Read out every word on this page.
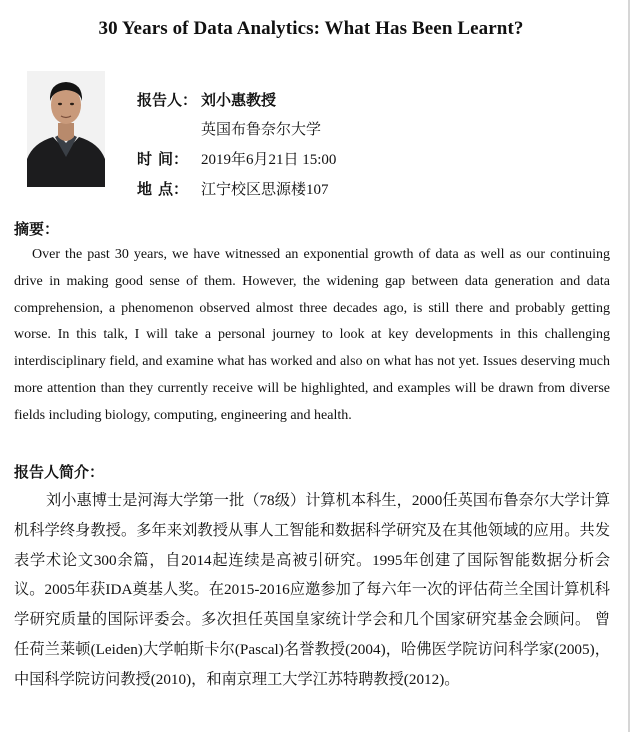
30 Years of Data Analytics: What Has Been Learnt?
报告人： 刘小惠教授
英国布鲁奈尔大学
时间： 2019年6月21日 15:00
地点： 江宁校区思源楼107
摘要：

Over the past 30 years, we have witnessed an exponential growth of data as well as our continuing drive in making good sense of them. However, the widening gap between data generation and data comprehension, a phenomenon observed almost three decades ago, is still there and probably getting worse. In this talk, I will take a personal journey to look at key developments in this challenging interdisciplinary field, and examine what has worked and also on what has not yet. Issues deserving much more attention than they currently receive will be highlighted, and examples will be drawn from diverse fields including biology, computing, engineering and health.

报告人简介：

刘小惠博士是河海大学第一批（78级）计算机本科生，2000任英国布鲁奈尔大学计算机科学终身教授。多年来刘教授从事人工智能和数据科学研究及在其他领域的应用。共发表学术论文300余篇，自2014起连续是高被引研究。1995年创建了国际智能数据分析会议。2005年获IDA奠基人奖。在2015-2016应邀参加了每六年一次的评估荷兰全国计算机科学研究质量的国际评委会。多次担任英国皇家统计学会和几个国家研究基金会顾问。 曾任荷兰莱顿(Leiden)大学帕斯卡尔(Pascal)名誉教授(2004)，哈佛医学院访问科学家(2005)，中国科学院访问教授(2010)，和南京理工大学江苏特聘教授(2012)。
